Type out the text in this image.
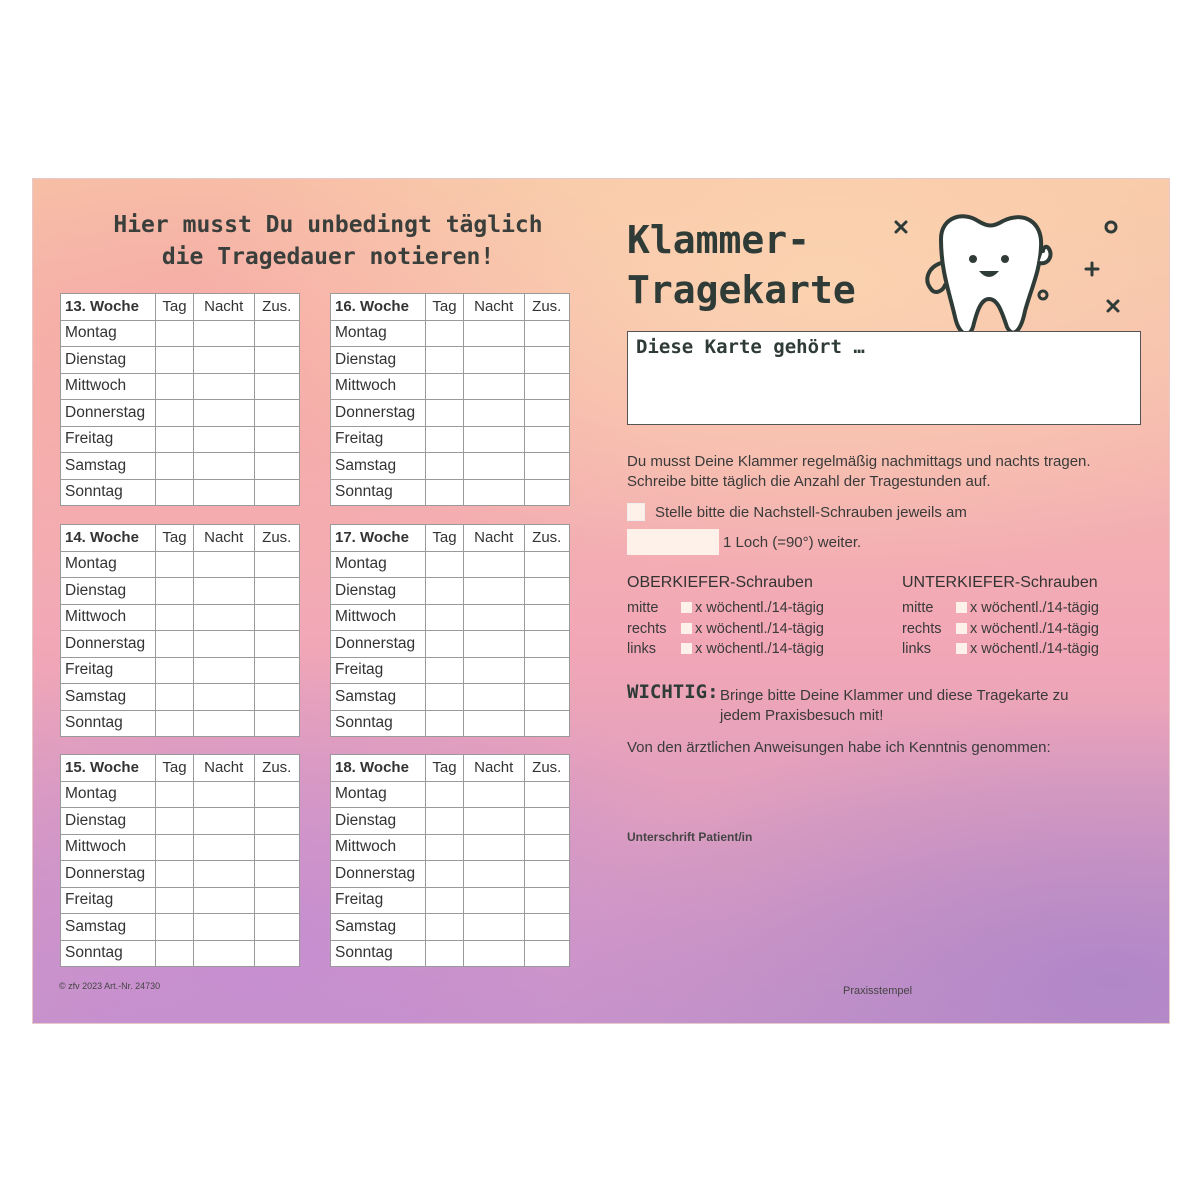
Hier musst Du unbedingt täglich
die Tragedauer notieren!
13. Woche	Tag	Nacht	Zus.
Montag			
Dienstag			
Mittwoch			
Donnerstag			
Freitag			
Samstag			
Sonntag			
14. Woche	Tag	Nacht	Zus.
Montag			
Dienstag			
Mittwoch			
Donnerstag			
Freitag			
Samstag			
Sonntag			
15. Woche	Tag	Nacht	Zus.
Montag			
Dienstag			
Mittwoch			
Donnerstag			
Freitag			
Samstag			
Sonntag			
16. Woche	Tag	Nacht	Zus.
Montag			
Dienstag			
Mittwoch			
Donnerstag			
Freitag			
Samstag			
Sonntag			
17. Woche	Tag	Nacht	Zus.
Montag			
Dienstag			
Mittwoch			
Donnerstag			
Freitag			
Samstag			
Sonntag			
18. Woche	Tag	Nacht	Zus.
Montag			
Dienstag			
Mittwoch			
Donnerstag			
Freitag			
Samstag			
Sonntag			
Klammer-
Tragekarte
Diese Karte gehört …
Du musst Deine Klammer regelmäßig nachmittags und nachts tragen.
Schreibe bitte täglich die Anzahl der Tragestunden auf.
Stelle bitte die Nachstell-Schrauben jeweils am
1 Loch (=90°) weiter.
OBERKIEFER-Schrauben	UNTERKIEFER-Schrauben
mitte	x wöchentl./14-tägig
rechts x wöchentl./14-tägig
links	x wöchentl./14-tägig
mitte	x wöchentl./14-tägig
rechts x wöchentl./14-tägig
links	x wöchentl./14-tägig
WICHTIG: Bringe bitte Deine Klammer und diese Tragekarte zu
jedem Praxisbesuch mit!
Von den ärztlichen Anweisungen habe ich Kenntnis genommen:
Unterschrift Patient/in
© zfv 2023 Art.-Nr. 24730	Praxisstempel
